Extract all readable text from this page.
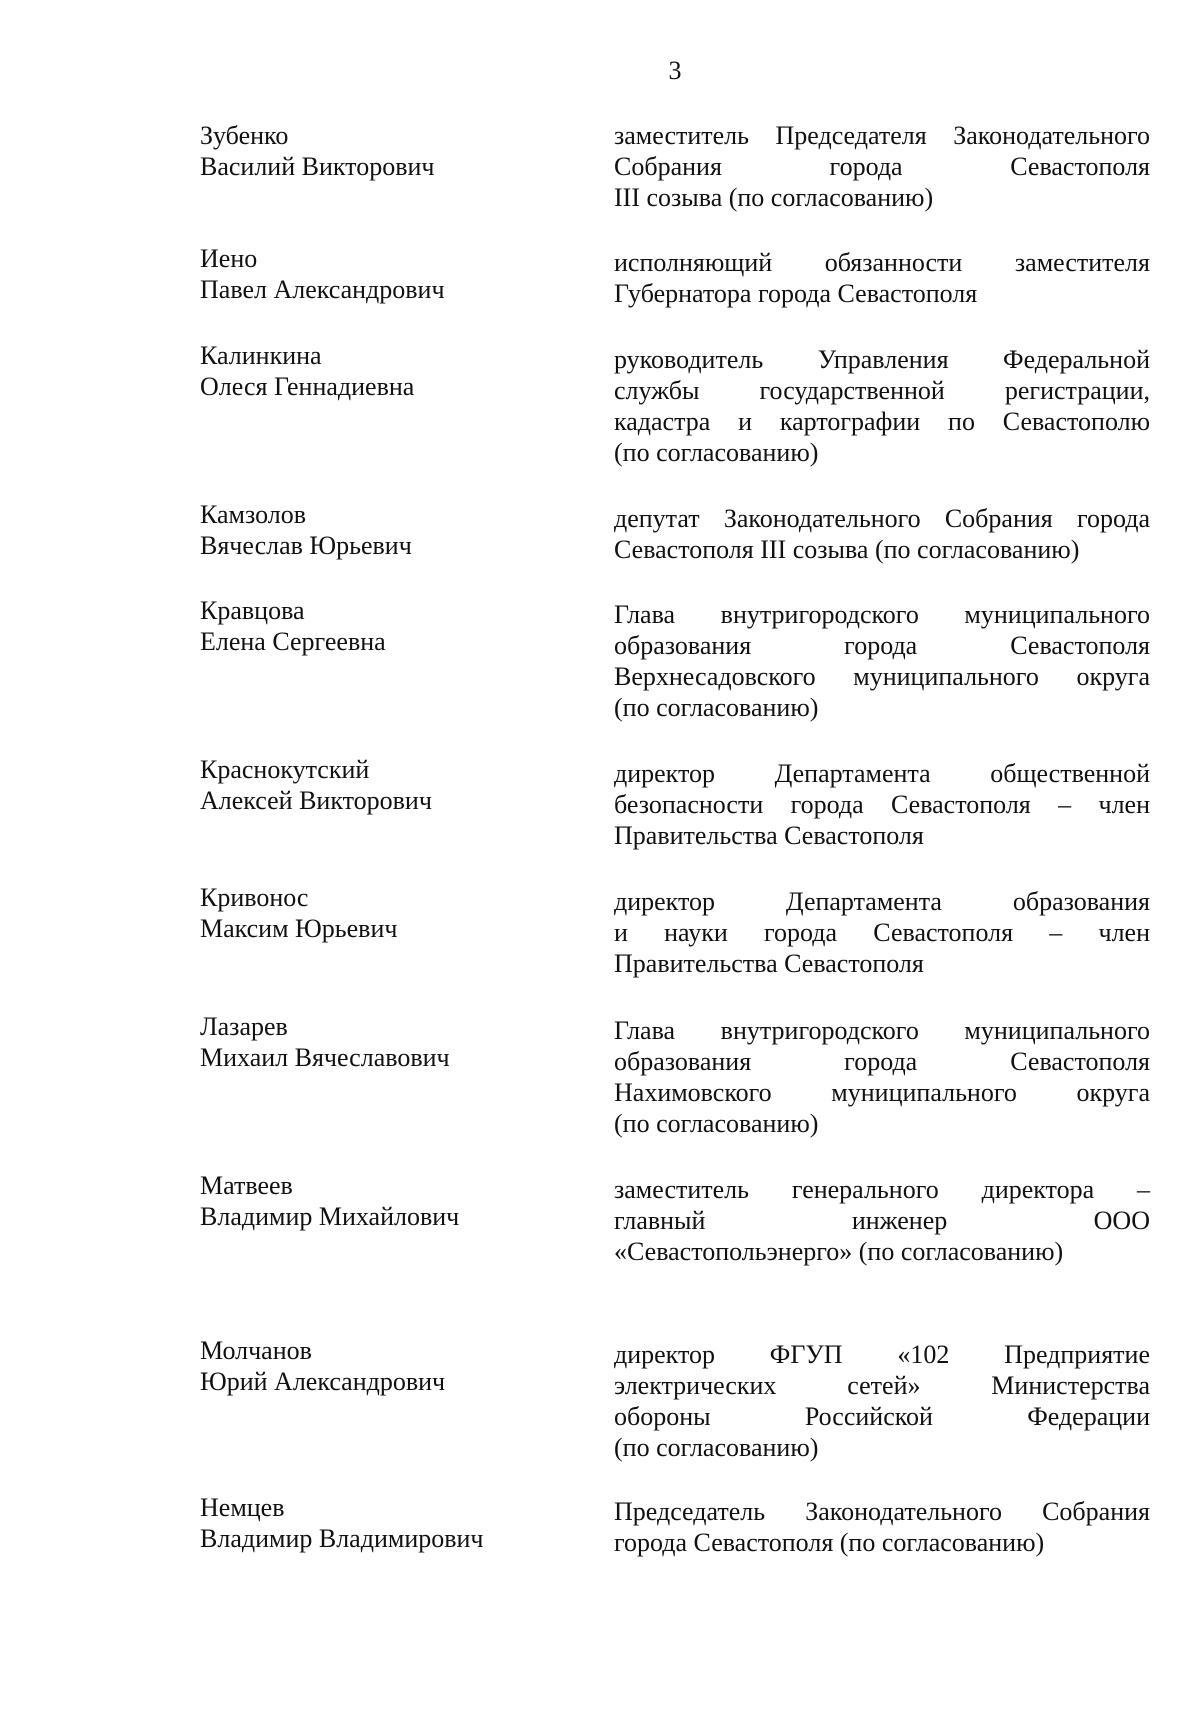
3
Зубенко
Василий Викторович
заместитель Председателя Законодательного
Собрания города Севастополя
III созыва (по согласованию)
Иено
Павел Александрович
исполняющий обязанности заместителя
Губернатора города Севастополя
Калинкина
Олеся Геннадиевна
руководитель Управления Федеральной
службы государственной регистрации,
кадастра и картографии по Севастополю
(по согласованию)
Камзолов
Вячеслав Юрьевич
депутат Законодательного Собрания города
Севастополя III созыва (по согласованию)
Кравцова
Елена Сергеевна
Глава внутригородского муниципального
образования города Севастополя
Верхнесадовского муниципального округа
(по согласованию)
Краснокутский
Алексей Викторович
директор Департамента общественной
безопасности города Севастополя – член
Правительства Севастополя
Кривонос
Максим Юрьевич
директор Департамента образования
и науки города Севастополя – член
Правительства Севастополя
Лазарев
Михаил Вячеславович
Глава внутригородского муниципального
образования города Севастополя
Нахимовского муниципального округа
(по согласованию)
Матвеев
Владимир Михайлович
заместитель генерального директора –
главный инженер ООО
«Севастопольэнерго» (по согласованию)
Молчанов
Юрий Александрович
директор ФГУП «102 Предприятие
электрических сетей» Министерства
обороны Российской Федерации
(по согласованию)
Немцев
Владимир Владимирович
Председатель Законодательного Собрания
города Севастополя (по согласованию)
